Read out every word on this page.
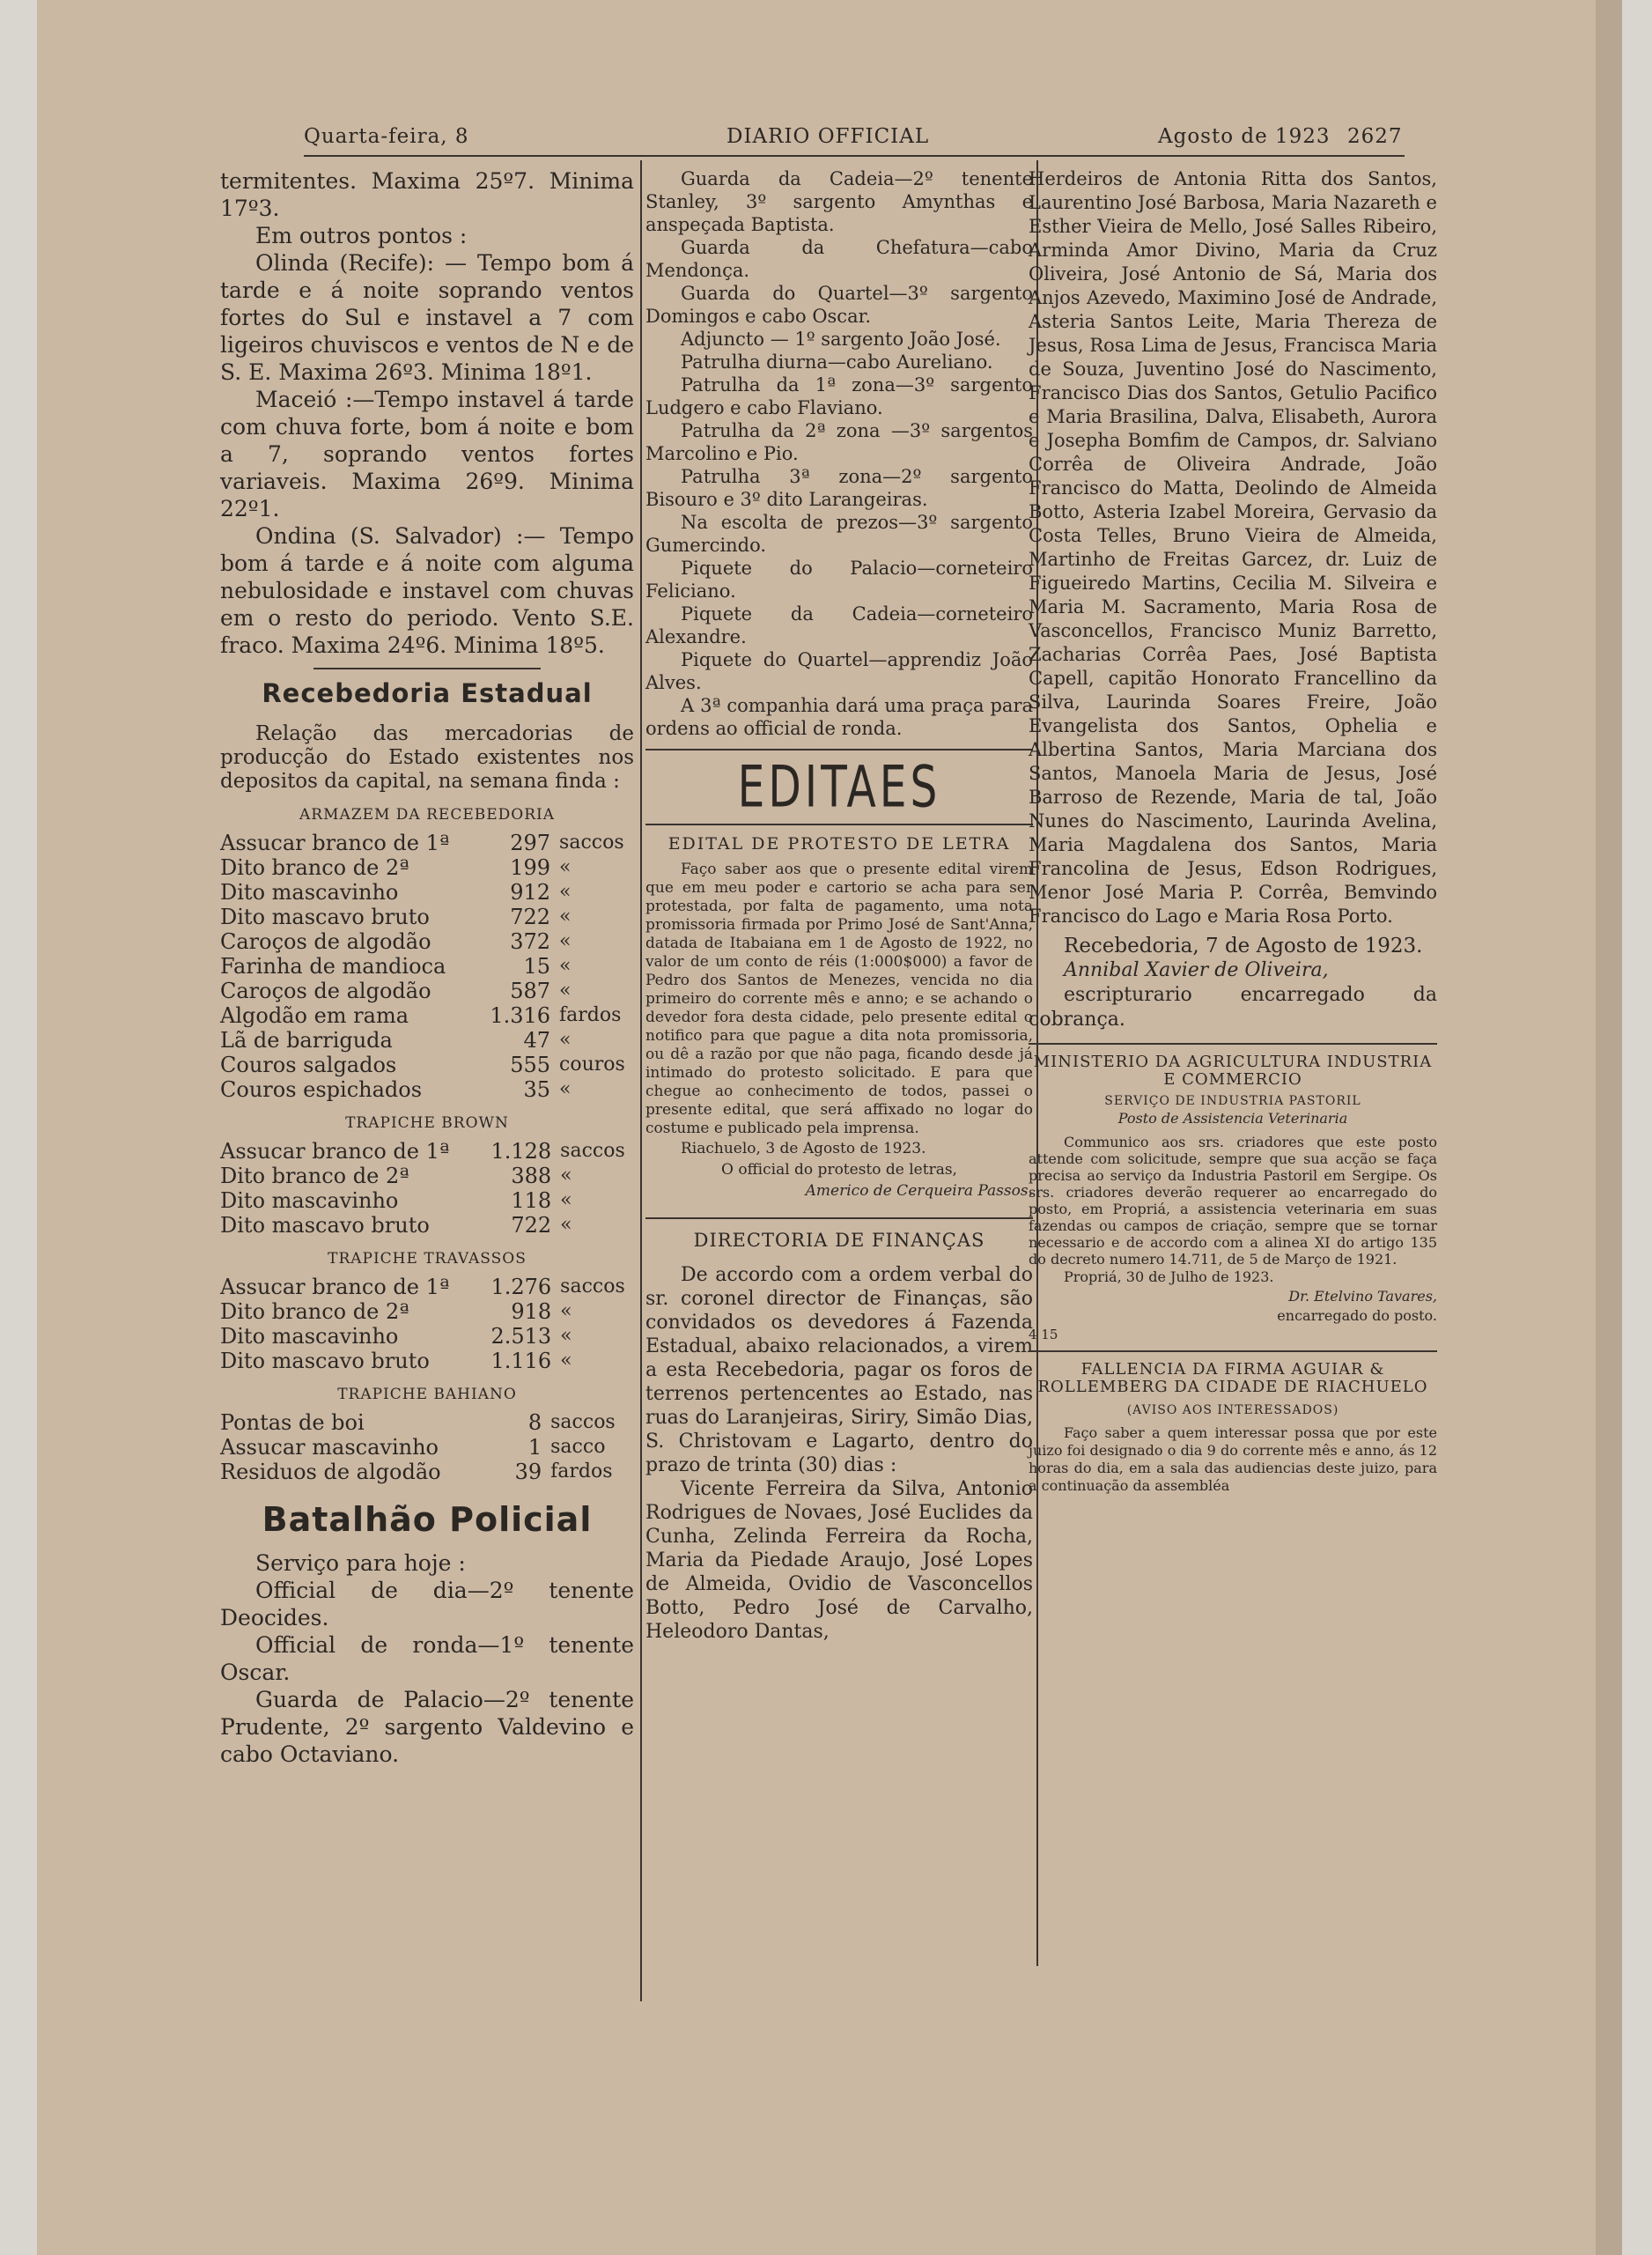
Quarta-feira, 8	DIARIO OFFICIAL	Agosto de 1923 2627

termitentes. Maxima 25º7. Minima 17º3.

Em outros pontos :

Olinda (Recife): — Tempo bom á tarde e á noite soprando ventos fortes do Sul e instavel a 7 com ligeiros chuviscos e ventos de N e de S. E. Maxima 26º3. Minima 18º1.

Maceió :—Tempo instavel á tarde com chuva forte, bom á noite e bom a 7, soprando ventos fortes variaveis. Maxima 26º9. Minima 22º1.

Ondina (S. Salvador) :— Tempo bom á tarde e á noite com alguma nebulosidade e instavel com chuvas em o resto do periodo. Vento S.E. fraco. Maxima 24º6. Minima 18º5.

Recebedoria Estadual

Relação das mercadorias de producção do Estado existentes nos depositos da capital, na semana finda :

ARMAZEM DA RECEBEDORIA

Assucar branco de 1ª	297	saccos
Dito branco de 2ª	199	«
Dito mascavinho	912	«
Dito mascavo bruto	722	«
Caroços de algodão	372	«
Farinha de mandioca	15	«
Caroços de algodão	587	«
Algodão em rama	1.316	fardos
Lã de barriguda	47	«
Couros salgados	555	couros
Couros espichados	35	«

TRAPICHE BROWN

Assucar branco de 1ª	1.128	saccos
Dito branco de 2ª	388	«
Dito mascavinho	118	«
Dito mascavo bruto	722	«

TRAPICHE TRAVASSOS

Assucar branco de 1ª	1.276	saccos
Dito branco de 2ª	918	«
Dito mascavinho	2.513	«
Dito mascavo bruto	1.116	«

TRAPICHE BAHIANO

Pontas de boi	8	saccos
Assucar mascavinho	1	sacco
Residuos de algodão	39	fardos

Batalhão Policial

Serviço para hoje :

Official de dia—2º tenente Deocides.

Official de ronda—1º tenente Oscar.

Guarda de Palacio—2º tenente Prudente, 2º sargento Valdevino e cabo Octaviano.

Guarda da Cadeia—2º tenente Stanley, 3º sargento Amynthas e anspeçada Baptista.

Guarda da Chefatura—cabo Mendonça.

Guarda do Quartel—3º sargento Domingos e cabo Oscar.

Adjuncto — 1º sargento João José.

Patrulha diurna—cabo Aureliano.

Patrulha da 1ª zona—3º sargento Ludgero e cabo Flaviano.

Patrulha da 2ª zona —3º sargentos Marcolino e Pio.

Patrulha 3ª zona—2º sargento Bisouro e 3º dito Larangeiras.

Na escolta de prezos—3º sargento Gumercindo.

Piquete do Palacio—corneteiro Feliciano.

Piquete da Cadeia—corneteiro Alexandre.

Piquete do Quartel—apprendiz João Alves.

A 3ª companhia dará uma praça para ordens ao official de ronda.

EDITAES

EDITAL DE PROTESTO DE LETRA

Faço saber aos que o presente edital virem que em meu poder e cartorio se acha para ser protestada, por falta de pagamento, uma nota promissoria firmada por Primo José de Sant'Anna, datada de Itabaiana em 1 de Agosto de 1922, no valor de um conto de réis (1:000$000) a favor de Pedro dos Santos de Menezes, vencida no dia primeiro do corrente mês e anno; e se achando o devedor fora desta cidade, pelo presente edital o notifico para que pague a dita nota promissoria, ou dê a razão por que não paga, ficando desde já intimado do protesto solicitado. E para que chegue ao conhecimento de todos, passei o presente edital, que será affixado no logar do costume e publicado pela imprensa.

Riachuelo, 3 de Agosto de 1923.

O official do protesto de letras,

Americo de Cerqueira Passos.

DIRECTORIA DE FINANÇAS

De accordo com a ordem verbal do sr. coronel director de Finanças, são convidados os devedores á Fazenda Estadual, abaixo relacionados, a virem a esta Recebedoria, pagar os foros de terrenos pertencentes ao Estado, nas ruas do Laranjeiras, Siriry, Simão Dias, S. Christovam e Lagarto, dentro do prazo de trinta (30) dias :

Vicente Ferreira da Silva, Antonio Rodrigues de Novaes, José Euclides da Cunha, Zelinda Ferreira da Rocha, Maria da Piedade Araujo, José Lopes de Almeida, Ovidio de Vasconcellos Botto, Pedro José de Carvalho, Heleodoro Dantas,

Herdeiros de Antonia Ritta dos Santos, Laurentino José Barbosa, Maria Nazareth e Esther Vieira de Mello, José Salles Ribeiro, Arminda Amor Divino, Maria da Cruz Oliveira, José Antonio de Sá, Maria dos Anjos Azevedo, Maximino José de Andrade, Asteria Santos Leite, Maria Thereza de Jesus, Rosa Lima de Jesus, Francisca Maria de Souza, Juventino José do Nascimento, Francisco Dias dos Santos, Getulio Pacifico e Maria Brasilina, Dalva, Elisabeth, Aurora e Josepha Bomfim de Campos, dr. Salviano Corrêa de Oliveira Andrade, João Francisco do Matta, Deolindo de Almeida Botto, Asteria Izabel Moreira, Gervasio da Costa Telles, Bruno Vieira de Almeida, Martinho de Freitas Garcez, dr. Luiz de Figueiredo Martins, Cecilia M. Silveira e Maria M. Sacramento, Maria Rosa de Vasconcellos, Francisco Muniz Barretto, Zacharias Corrêa Paes, José Baptista Capell, capitão Honorato Francellino da Silva, Laurinda Soares Freire, João Evangelista dos Santos, Ophelia e Albertina Santos, Maria Marciana dos Santos, Manoela Maria de Jesus, José Barroso de Rezende, Maria de tal, João Nunes do Nascimento, Laurinda Avelina, Maria Magdalena dos Santos, Maria Francolina de Jesus, Edson Rodrigues, Menor José Maria P. Corrêa, Bemvindo Francisco do Lago e Maria Rosa Porto.

Recebedoria, 7 de Agosto de 1923.

Annibal Xavier de Oliveira,

escripturario encarregado da cobrança.

MINISTERIO DA AGRICULTURA INDUSTRIA E COMMERCIO

SERVIÇO DE INDUSTRIA PASTORIL

Posto de Assistencia Veterinaria

Communico aos srs. criadores que este posto attende com solicitude, sempre que sua acção se faça precisa ao serviço da Industria Pastoril em Sergipe. Os srs. criadores deverão requerer ao encarregado do posto, em Propriá, a assistencia veterinaria em suas fazendas ou campos de criação, sempre que se tornar necessario e de accordo com a alinea XI do artigo 135 do decreto numero 14.711, de 5 de Março de 1921.

Propriá, 30 de Julho de 1923.

Dr. Etelvino Tavares,

encarregado do posto.

4 15

FALLENCIA DA FIRMA AGUIAR & ROLLEMBERG DA CIDADE DE RIACHUELO

(AVISO AOS INTERESSADOS)

Faço saber a quem interessar possa que por este juizo foi designado o dia 9 do corrente mês e anno, ás 12 horas do dia, em a sala das audiencias deste juizo, para a continuação da assembléa
